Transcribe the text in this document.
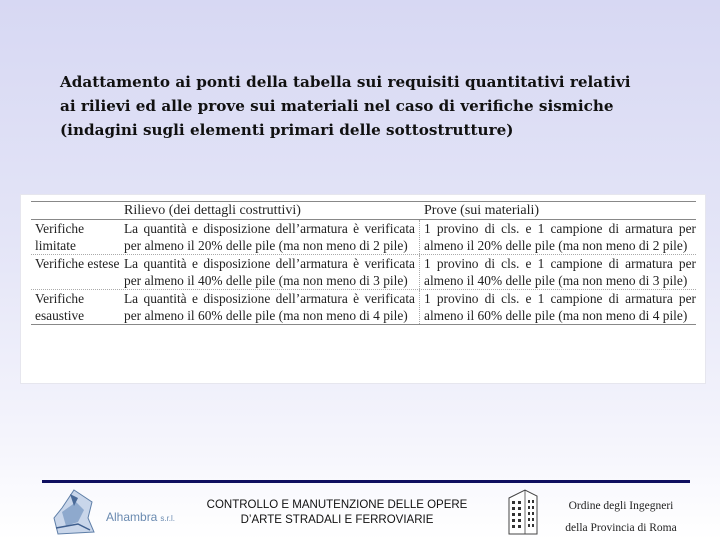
Adattamento ai ponti della tabella sui requisiti quantitativi relativi
ai rilievi ed alle prove sui materiali nel caso di verifiche sismiche
(indagini sugli elementi primari delle sottostrutture)
Rilievo (dei dettagli costruttivi)	Prove (sui materiali)
Verifiche limitate
La quantità e disposizione dell’armatura è verificata per almeno il 20% delle pile (ma non meno di 2 pile)
1 provino di cls. e 1 campione di armatura per almeno il 20% delle pile (ma non meno di 2 pile)
Verifiche estese La quantità e disposizione dell’armatura è verificata per almeno il 40% delle pile (ma non meno di 3 pile)
1 provino di cls. e 1 campione di armatura per almeno il 40% delle pile (ma non meno di 3 pile)
Verifiche esaustive
La quantità e disposizione dell’armatura è verificata per almeno il 60% delle pile (ma non meno di 4 pile)
1 provino di cls. e 1 campione di armatura per almeno il 60% delle pile (ma non meno di 4 pile)
Alhambra s.r.l.
CONTROLLO E MANUTENZIONE DELLE OPERE
D’ARTE STRADALI E FERROVIARIE
Ordine degli Ingegneri
della Provincia di Roma
